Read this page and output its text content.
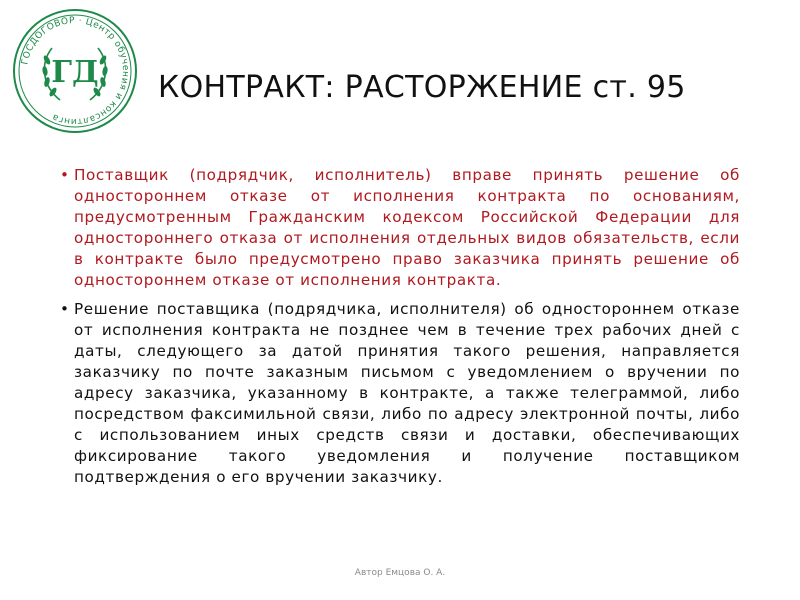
ГОСДОГОВОР · Центр обучения и консалтинга
ГД КОНТРАКТ: РАСТОРЖЕНИЕ ст. 95
• Поставщик (подрядчик, исполнитель) вправе принять решение об одностороннем отказе от исполнения контракта по основаниям, предусмотренным Гражданским кодексом Российской Федерации для одностороннего отказа от исполнения отдельных видов обязательств, если в контракте было предусмотрено право заказчика принять решение об одностороннем отказе от исполнения контракта.
• Решение поставщика (подрядчика, исполнителя) об одностороннем отказе от исполнения контракта не позднее чем в течение трех рабочих дней с даты, следующего за датой принятия такого решения, направляется заказчику по почте заказным письмом с уведомлением о вручении по адресу заказчика, указанному в контракте, а также телеграммой, либо посредством факсимильной связи, либо по адресу электронной почты, либо с использованием иных средств связи и доставки, обеспечивающих фиксирование такого уведомления и получение поставщиком подтверждения о его вручении заказчику.
Автор Емцова О. А.
